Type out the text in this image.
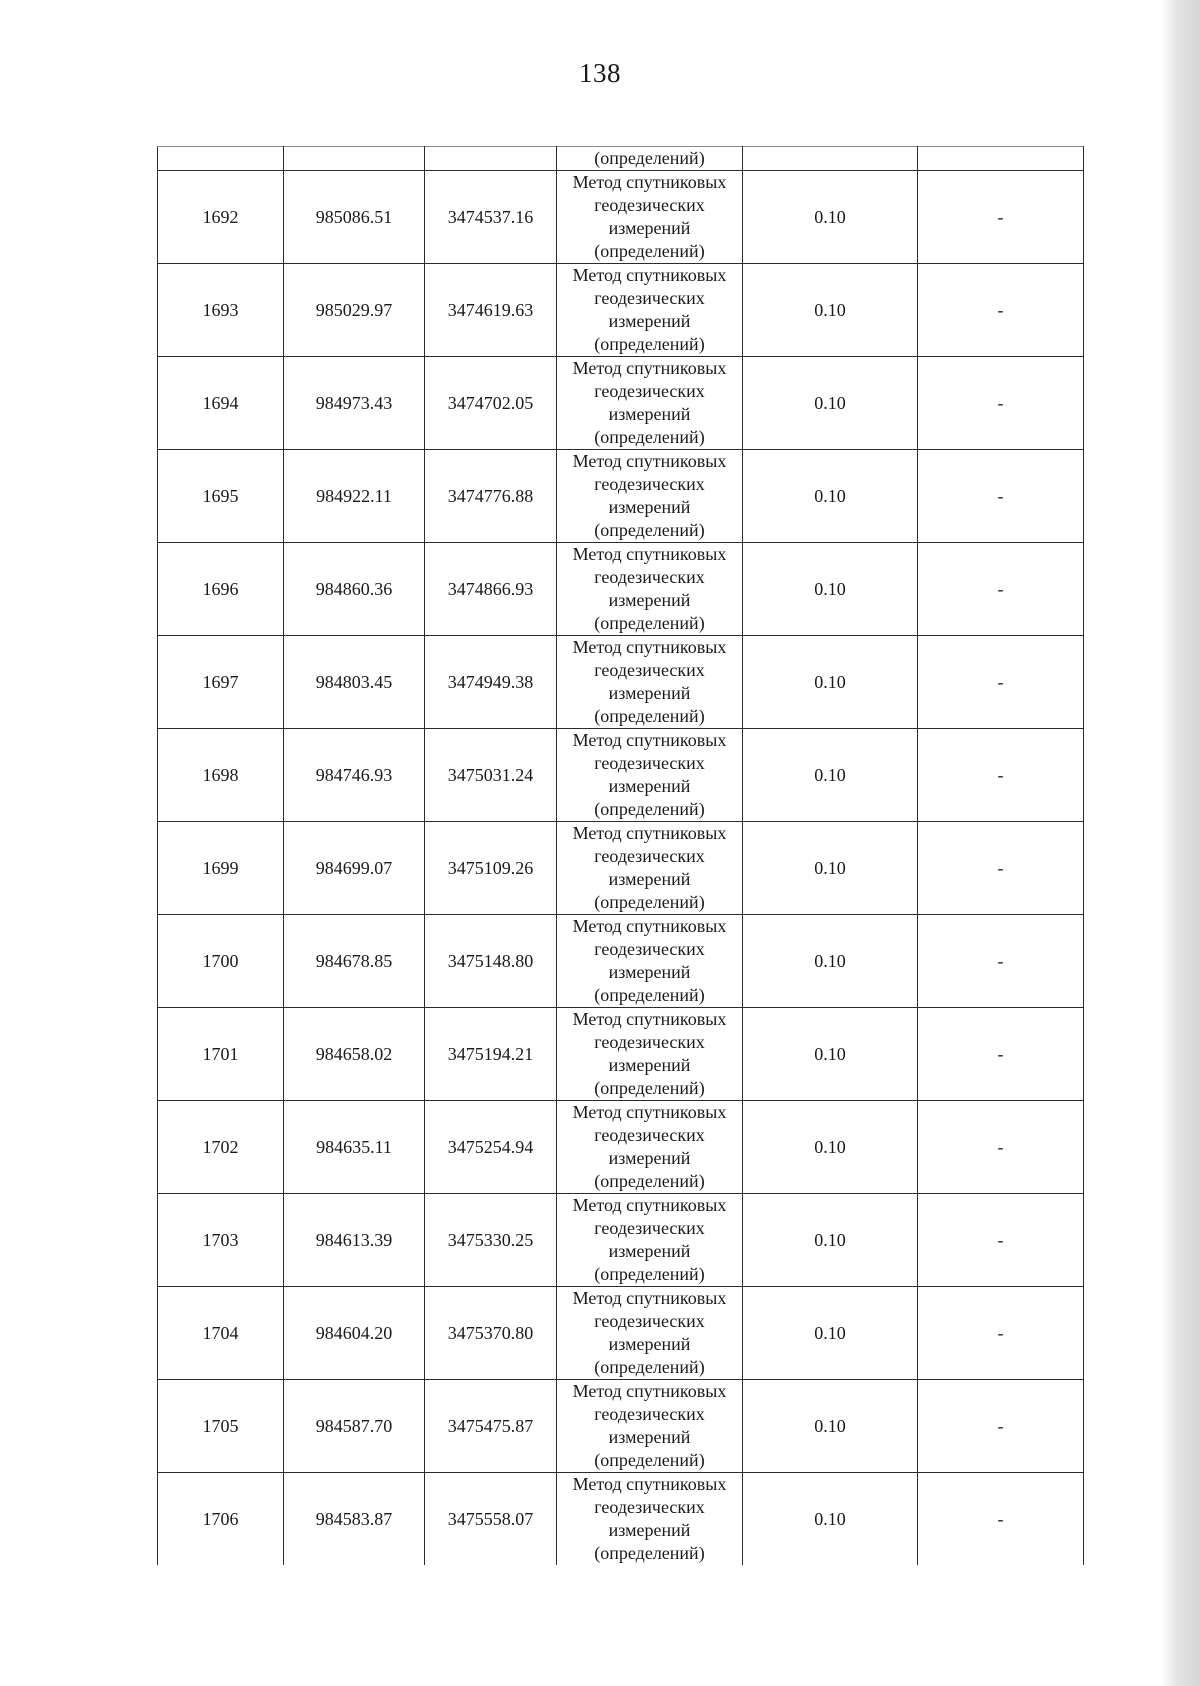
138
			(определений)		
1692	985086.51	3474537.16	Метод спутниковых
геодезических
измерений
(определений)	0.10	-
1693	985029.97	3474619.63	Метод спутниковых
геодезических
измерений
(определений)	0.10	-
1694	984973.43	3474702.05	Метод спутниковых
геодезических
измерений
(определений)	0.10	-
1695	984922.11	3474776.88	Метод спутниковых
геодезических
измерений
(определений)	0.10	-
1696	984860.36	3474866.93	Метод спутниковых
геодезических
измерений
(определений)	0.10	-
1697	984803.45	3474949.38	Метод спутниковых
геодезических
измерений
(определений)	0.10	-
1698	984746.93	3475031.24	Метод спутниковых
геодезических
измерений
(определений)	0.10	-
1699	984699.07	3475109.26	Метод спутниковых
геодезических
измерений
(определений)	0.10	-
1700	984678.85	3475148.80	Метод спутниковых
геодезических
измерений
(определений)	0.10	-
1701	984658.02	3475194.21	Метод спутниковых
геодезических
измерений
(определений)	0.10	-
1702	984635.11	3475254.94	Метод спутниковых
геодезических
измерений
(определений)	0.10	-
1703	984613.39	3475330.25	Метод спутниковых
геодезических
измерений
(определений)	0.10	-
1704	984604.20	3475370.80	Метод спутниковых
геодезических
измерений
(определений)	0.10	-
1705	984587.70	3475475.87	Метод спутниковых
геодезических
измерений
(определений)	0.10	-
1706	984583.87	3475558.07	Метод спутниковых
геодезических
измерений
(определений)	0.10	-
